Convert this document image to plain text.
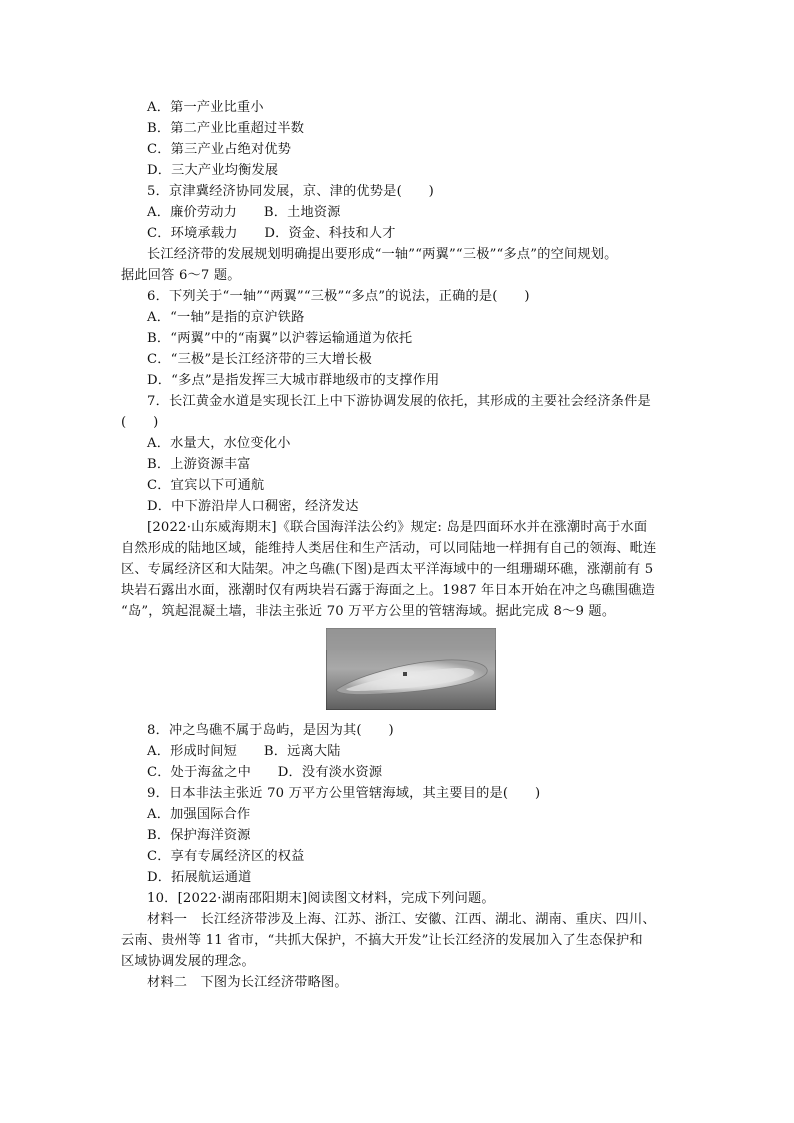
A．第一产业比重小
B．第二产业比重超过半数
C．第三产业占绝对优势
D．三大产业均衡发展
5．京津冀经济协同发展，京、津的优势是(　　)
A．廉价劳动力　　B．土地资源
C．环境承载力　　D．资金、科技和人才
长江经济带的发展规划明确提出要形成“一轴”“两翼”“三极”“多点”的空间规划。
据此回答 6～7 题。
6．下列关于“一轴”“两翼”“三极”“多点”的说法，正确的是(　　)
A．“一轴”是指的京沪铁路
B．“两翼”中的“南翼”以沪蓉运输通道为依托
C．“三极”是长江经济带的三大增长极
D．“多点”是指发挥三大城市群地级市的支撑作用
7．长江黄金水道是实现长江上中下游协调发展的依托，其形成的主要社会经济条件是
(　　)
A．水量大，水位变化小
B．上游资源丰富
C．宜宾以下可通航
D．中下游沿岸人口稠密，经济发达
[2022·山东威海期末]《联合国海洋法公约》规定: 岛是四面环水并在涨潮时高于水面
自然形成的陆地区域，能维持人类居住和生产活动，可以同陆地一样拥有自己的领海、毗连
区、专属经济区和大陆架。冲之鸟礁(下图)是西太平洋海域中的一组珊瑚环礁，涨潮前有 5
块岩石露出水面，涨潮时仅有两块岩石露于海面之上。1987 年日本开始在冲之鸟礁围礁造
“岛”，筑起混凝土墙，非法主张近 70 万平方公里的管辖海域。据此完成 8～9 题。
8．冲之鸟礁不属于岛屿，是因为其(　　)
A．形成时间短　　B．远离大陆
C．处于海盆之中　　D．没有淡水资源
9．日本非法主张近 70 万平方公里管辖海域，其主要目的是(　　)
A．加强国际合作
B．保护海洋资源
C．享有专属经济区的权益
D．拓展航运通道
10．[2022·湖南邵阳期末]阅读图文材料，完成下列问题。
材料一　长江经济带涉及上海、江苏、浙江、安徽、江西、湖北、湖南、重庆、四川、
云南、贵州等 11 省市，“共抓大保护，不搞大开发”让长江经济的发展加入了生态保护和
区域协调发展的理念。
材料二　下图为长江经济带略图。
